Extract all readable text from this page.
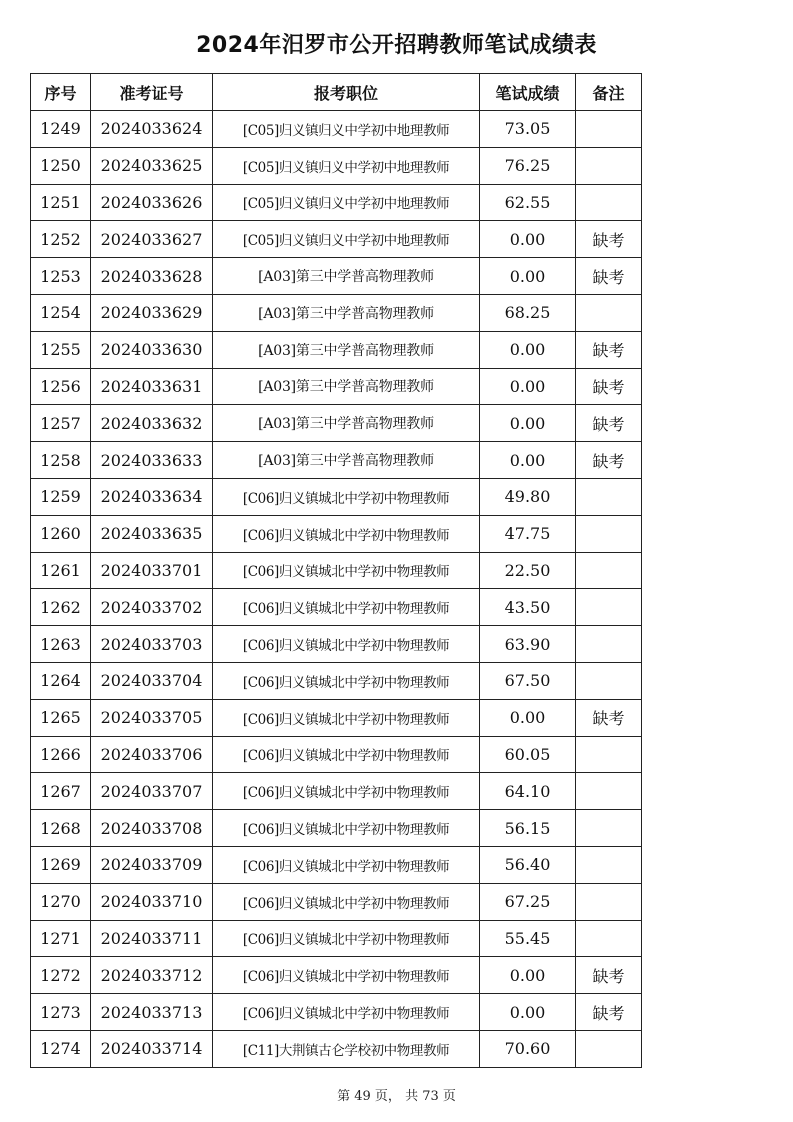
2024年汨罗市公开招聘教师笔试成绩表
序号	准考证号	报考职位	笔试成绩	备注
1249	2024033624	[C05]归义镇归义中学初中地理教师	73.05	
1250	2024033625	[C05]归义镇归义中学初中地理教师	76.25	
1251	2024033626	[C05]归义镇归义中学初中地理教师	62.55	
1252	2024033627	[C05]归义镇归义中学初中地理教师	0.00	缺考
1253	2024033628	[A03]第三中学普高物理教师	0.00	缺考
1254	2024033629	[A03]第三中学普高物理教师	68.25	
1255	2024033630	[A03]第三中学普高物理教师	0.00	缺考
1256	2024033631	[A03]第三中学普高物理教师	0.00	缺考
1257	2024033632	[A03]第三中学普高物理教师	0.00	缺考
1258	2024033633	[A03]第三中学普高物理教师	0.00	缺考
1259	2024033634	[C06]归义镇城北中学初中物理教师	49.80	
1260	2024033635	[C06]归义镇城北中学初中物理教师	47.75	
1261	2024033701	[C06]归义镇城北中学初中物理教师	22.50	
1262	2024033702	[C06]归义镇城北中学初中物理教师	43.50	
1263	2024033703	[C06]归义镇城北中学初中物理教师	63.90	
1264	2024033704	[C06]归义镇城北中学初中物理教师	67.50	
1265	2024033705	[C06]归义镇城北中学初中物理教师	0.00	缺考
1266	2024033706	[C06]归义镇城北中学初中物理教师	60.05	
1267	2024033707	[C06]归义镇城北中学初中物理教师	64.10	
1268	2024033708	[C06]归义镇城北中学初中物理教师	56.15	
1269	2024033709	[C06]归义镇城北中学初中物理教师	56.40	
1270	2024033710	[C06]归义镇城北中学初中物理教师	67.25	
1271	2024033711	[C06]归义镇城北中学初中物理教师	55.45	
1272	2024033712	[C06]归义镇城北中学初中物理教师	0.00	缺考
1273	2024033713	[C06]归义镇城北中学初中物理教师	0.00	缺考
1274	2024033714	[C11]大荆镇古仑学校初中物理教师	70.60	
第 49 页， 共 73 页
